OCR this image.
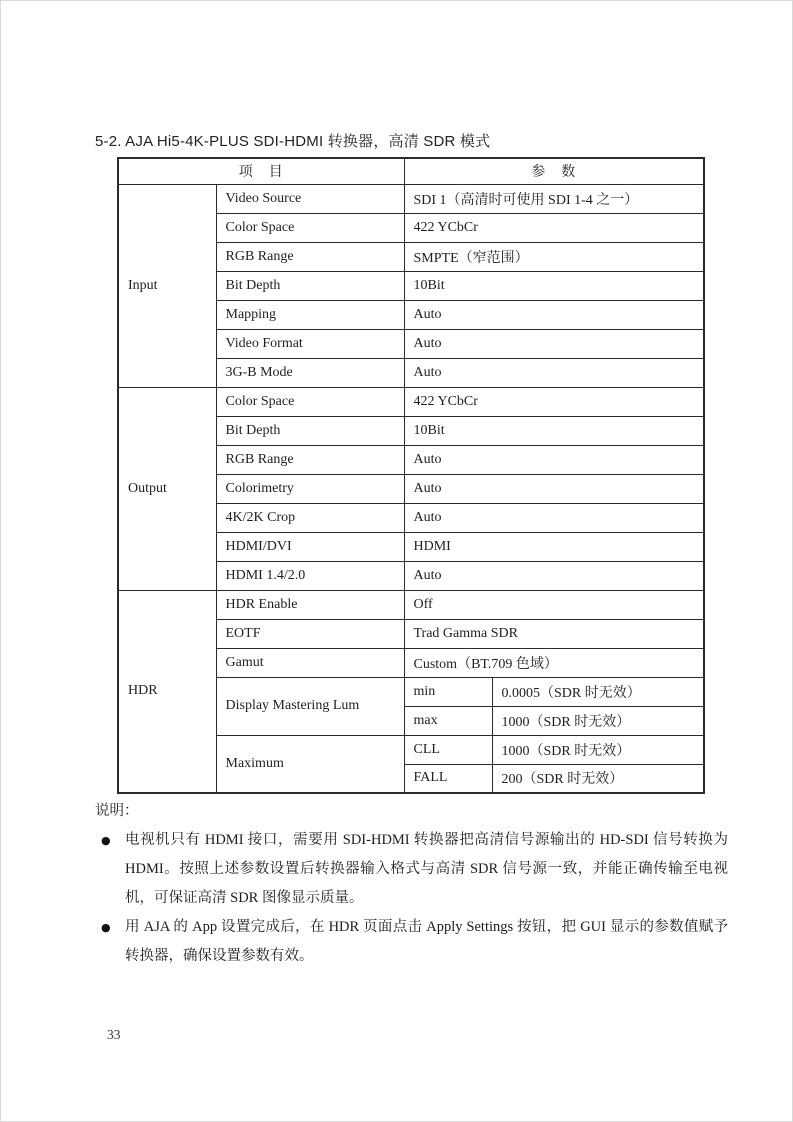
5-2. AJA Hi5-4K-PLUS SDI-HDMI 转换器，高清 SDR 模式
项　目		参　数	
Input	Video Source	SDI 1（高清时可使用 SDI 1-4 之一）	
	Color Space	422 YCbCr	
	RGB Range	SMPTE（窄范围）	
	Bit Depth	10Bit	
	Mapping	Auto	
	Video Format	Auto	
	3G-B Mode	Auto	
Output	Color Space	422 YCbCr	
	Bit Depth	10Bit	
	RGB Range	Auto	
	Colorimetry	Auto	
	4K/2K Crop	Auto	
	HDMI/DVI	HDMI	
	HDMI 1.4/2.0	Auto	
HDR	HDR Enable	Off	
	EOTF	Trad Gamma SDR	
	Gamut	Custom（BT.709 色域）	
	Display Mastering Lum	min	0.0005（SDR 时无效）
		max	1000（SDR 时无效）
	Maximum	CLL	1000（SDR 时无效）
		FALL	200（SDR 时无效）
说明：
● 电视机只有 HDMI 接口，需要用 SDI-HDMI 转换器把高清信号源输出的 HD-SDI 信号转换为 HDMI。按照上述参数设置后转换器输入格式与高清 SDR 信号源一致，并能正确传输至电视机，可保证高清 SDR 图像显示质量。
● 用 AJA 的 App 设置完成后，在 HDR 页面点击 Apply Settings 按钮，把 GUI 显示的参数值赋予转换器，确保设置参数有效。
33
